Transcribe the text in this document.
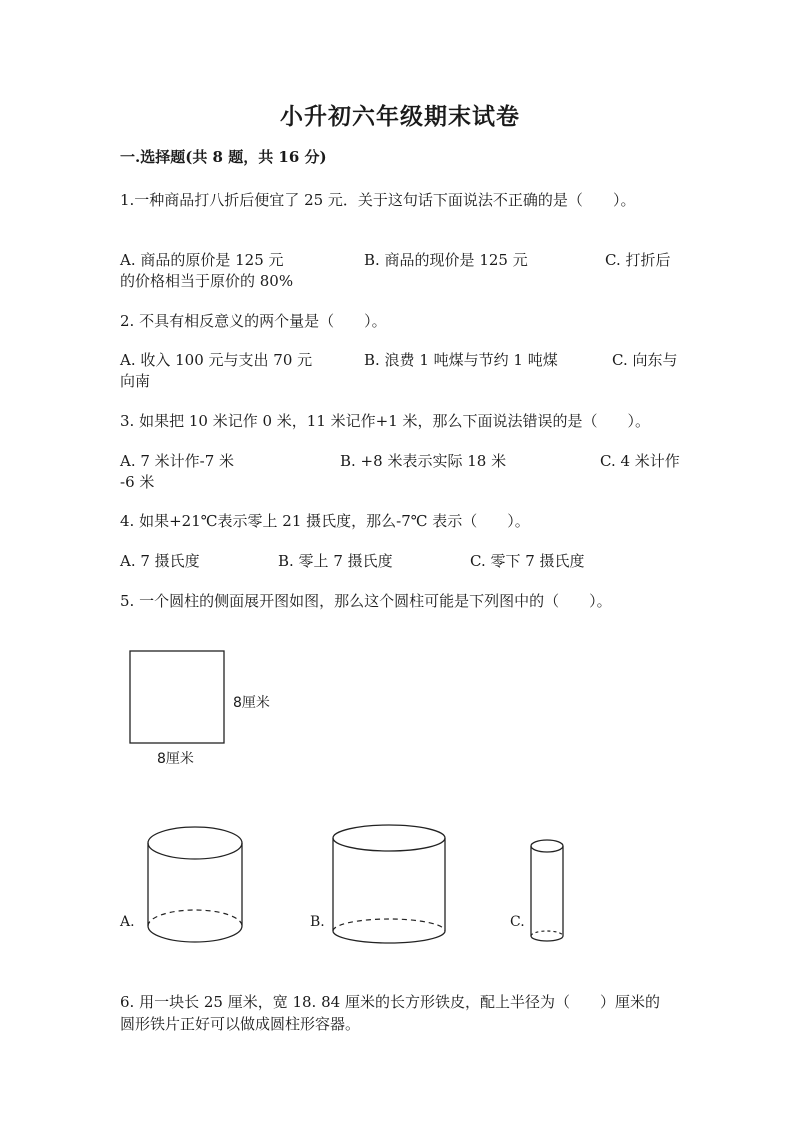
小升初六年级期末试卷
一.选择题(共 8 题，共 16 分)
1.一种商品打八折后便宜了 25 元．关于这句话下面说法不正确的是（　　）。
A. 商品的原价是 125 元	B. 商品的现价是 125 元	C. 打折后
的价格相当于原价的 80%
2. 不具有相反意义的两个量是（　　）。
A. 收入 100 元与支出 70 元	B. 浪费 1 吨煤与节约 1 吨煤	C. 向东与
向南
3. 如果把 10 米记作 0 米，11 米记作+1 米，那么下面说法错误的是（　　）。
A. 7 米计作-7 米	B. +8 米表示实际 18 米	C. 4 米计作
-6 米
4. 如果+21℃表示零上 21 摄氏度，那么-7℃ 表示（　　）。
A. 7 摄氏度	B. 零上 7 摄氏度	C. 零下 7 摄氏度
5. 一个圆柱的侧面展开图如图，那么这个圆柱可能是下列图中的（　　）。
8厘米
8厘米
A.	B.	C.
6. 用一块长 25 厘米，宽 18. 84 厘米的长方形铁皮，配上半径为（　　）厘米的
圆形铁片正好可以做成圆柱形容器。
